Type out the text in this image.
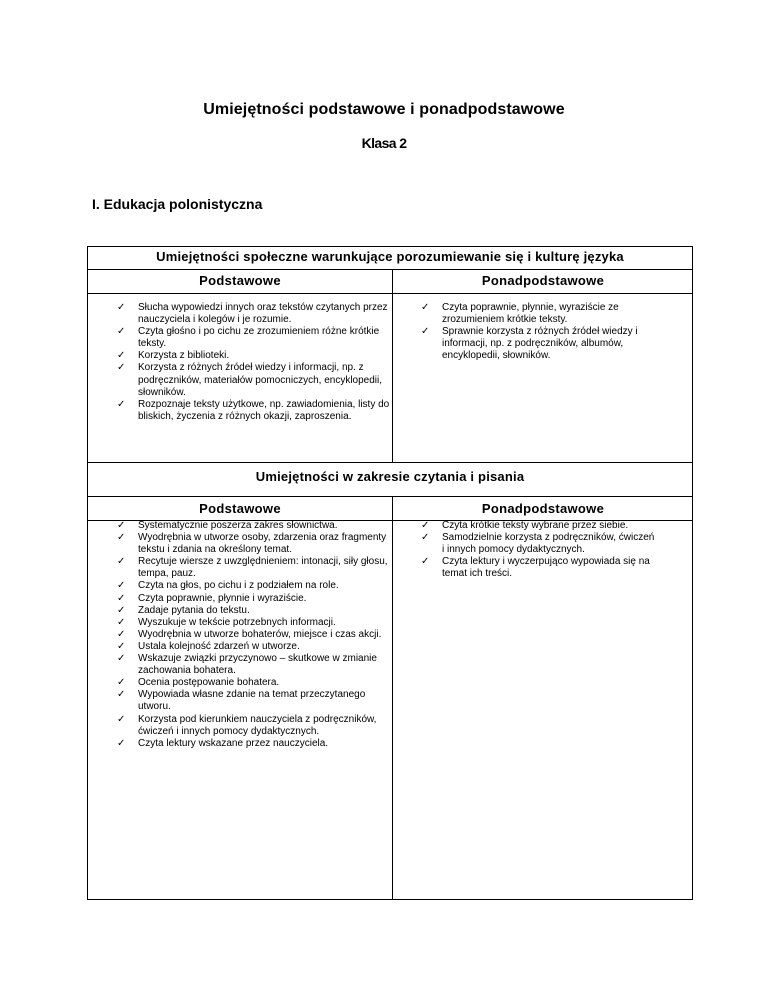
Umiejętności podstawowe i ponadpodstawowe
Klasa 2
I. Edukacja polonistyczna
Umiejętności społeczne warunkujące porozumiewanie się i kulturę języka
Podstawowe	Ponadpodstawowe
✓ Słucha wypowiedzi innych oraz tekstów czytanych przez nauczyciela i kolegów i je rozumie.
✓ Czyta głośno i po cichu ze zrozumieniem różne krótkie teksty.
✓ Korzysta z biblioteki.
✓ Korzysta z różnych źródeł wiedzy i informacji, np. z podręczników, materiałów pomocniczych, encyklopedii, słowników.
✓ Rozpoznaje teksty użytkowe, np. zawiadomienia, listy do bliskich, życzenia z różnych okazji, zaproszenia.
✓ Czyta poprawnie, płynnie, wyraziście ze zrozumieniem krótkie teksty.
✓ Sprawnie korzysta z różnych źródeł wiedzy i informacji, np. z podręczników, albumów, encyklopedii, słowników.
Umiejętności w zakresie czytania i pisania
Podstawowe	Ponadpodstawowe
✓ Systematycznie poszerza zakres słownictwa.
✓ Wyodrębnia w utworze osoby, zdarzenia oraz fragmenty tekstu i zdania na określony temat.
✓ Recytuje wiersze z uwzględnieniem: intonacji, siły głosu, tempa, pauz.
✓ Czyta na głos, po cichu i z podziałem na role.
✓ Czyta poprawnie, płynnie i wyraziście.
✓ Zadaje pytania do tekstu.
✓ Wyszukuje w tekście potrzebnych informacji.
✓ Wyodrębnia w utworze bohaterów, miejsce i czas akcji.
✓ Ustala kolejność zdarzeń w utworze.
✓ Wskazuje związki przyczynowo – skutkowe w zmianie zachowania bohatera.
✓ Ocenia postępowanie bohatera.
✓ Wypowiada własne zdanie na temat przeczytanego utworu.
✓ Korzysta pod kierunkiem nauczyciela z podręczników, ćwiczeń i innych pomocy dydaktycznych.
✓ Czyta lektury wskazane przez nauczyciela.
✓ Czyta krótkie teksty wybrane przez siebie.
✓ Samodzielnie korzysta z podręczników, ćwiczeń i innych pomocy dydaktycznych.
✓ Czyta lektury i wyczerpująco wypowiada się na temat ich treści.
